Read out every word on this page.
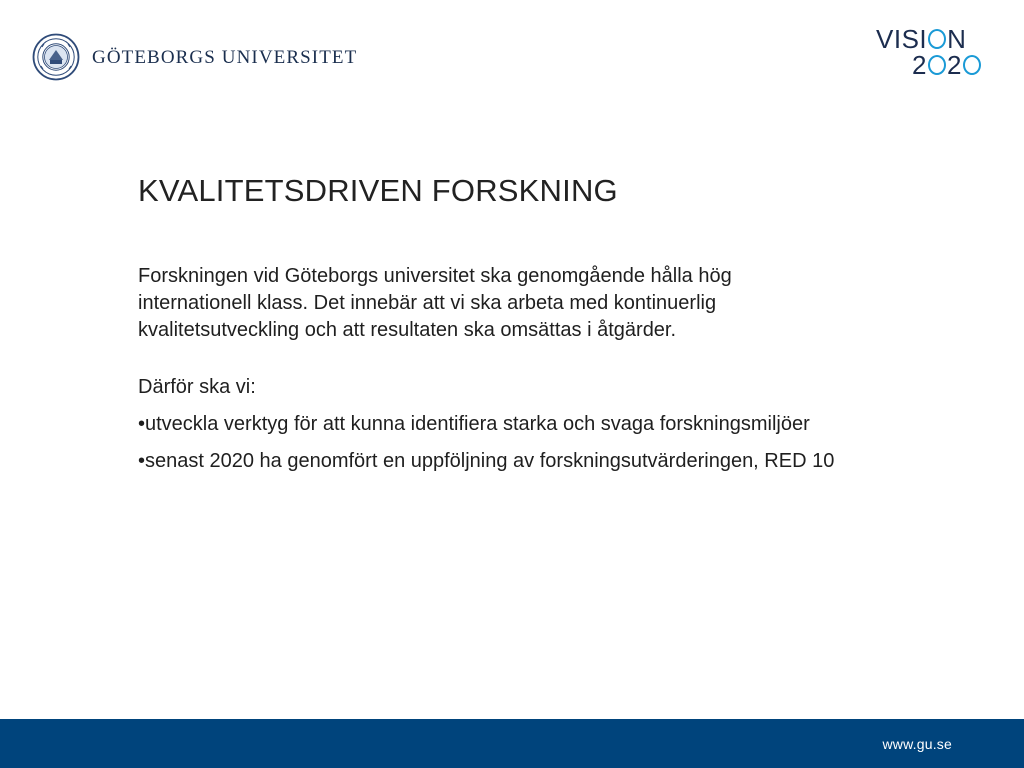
GÖTEBORGS UNIVERSITET
VISI N
2 2
KVALITETSDRIVEN FORSKNING
Forskningen vid Göteborgs universitet ska genomgående hålla hög internationell klass. Det innebär att vi ska arbeta med kontinuerlig kvalitetsutveckling och att resultaten ska omsättas i åtgärder.
Därför ska vi:
•utveckla verktyg för att kunna identifiera starka och svaga forskningsmiljöer
•senast 2020 ha genomfört en uppföljning av forskningsutvärderingen, RED 10
www.gu.se
